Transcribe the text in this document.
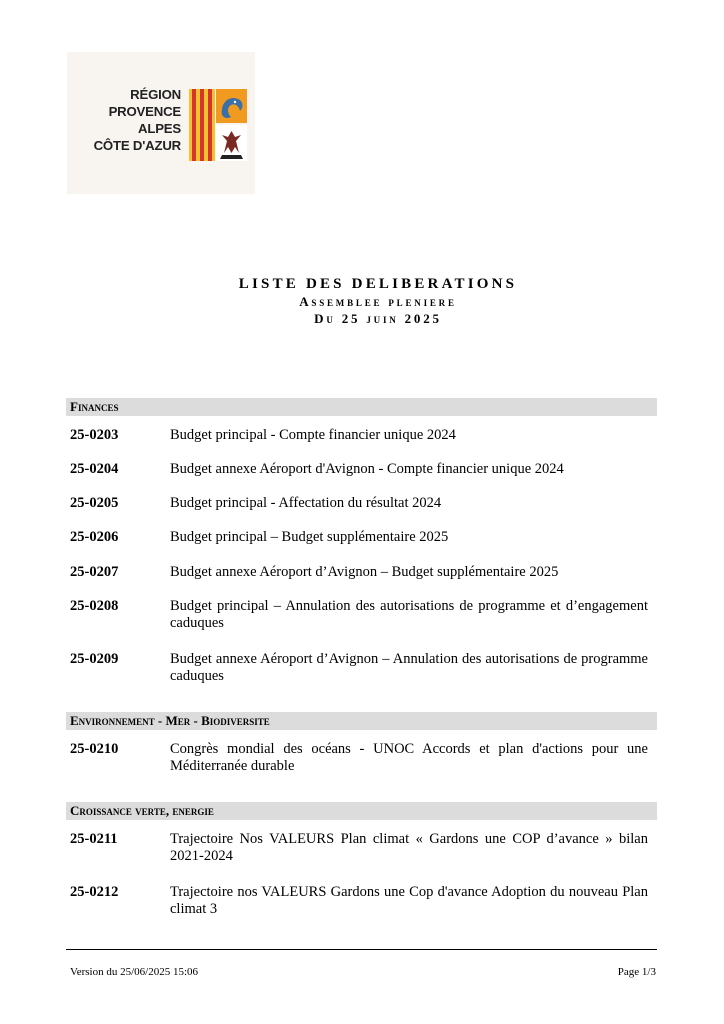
RÉGION
PROVENCE
ALPES
CÔTE D'AZUR
LISTE DES DELIBERATIONS
Assemblee pleniere
Du 25 juin 2025
Finances
25-0203	Budget principal - Compte financier unique 2024
25-0204	Budget annexe Aéroport d'Avignon - Compte financier unique 2024
25-0205	Budget principal - Affectation du résultat 2024
25-0206	Budget principal – Budget supplémentaire 2025
25-0207	Budget annexe Aéroport d’Avignon – Budget supplémentaire 2025
25-0208	Budget principal – Annulation des autorisations de programme et d’engagement caduques
25-0209	Budget annexe Aéroport d’Avignon – Annulation des autorisations de programme caduques
Environnement - Mer - Biodiversite
25-0210	Congrès mondial des océans - UNOC Accords et plan d'actions pour une Méditerranée durable
Croissance verte, energie
25-0211	Trajectoire Nos VALEURS Plan climat « Gardons une COP d’avance » bilan 2021-2024
25-0212	Trajectoire nos VALEURS Gardons une Cop d'avance Adoption du nouveau Plan climat 3
Version du 25/06/2025 15:06	Page 1/3
